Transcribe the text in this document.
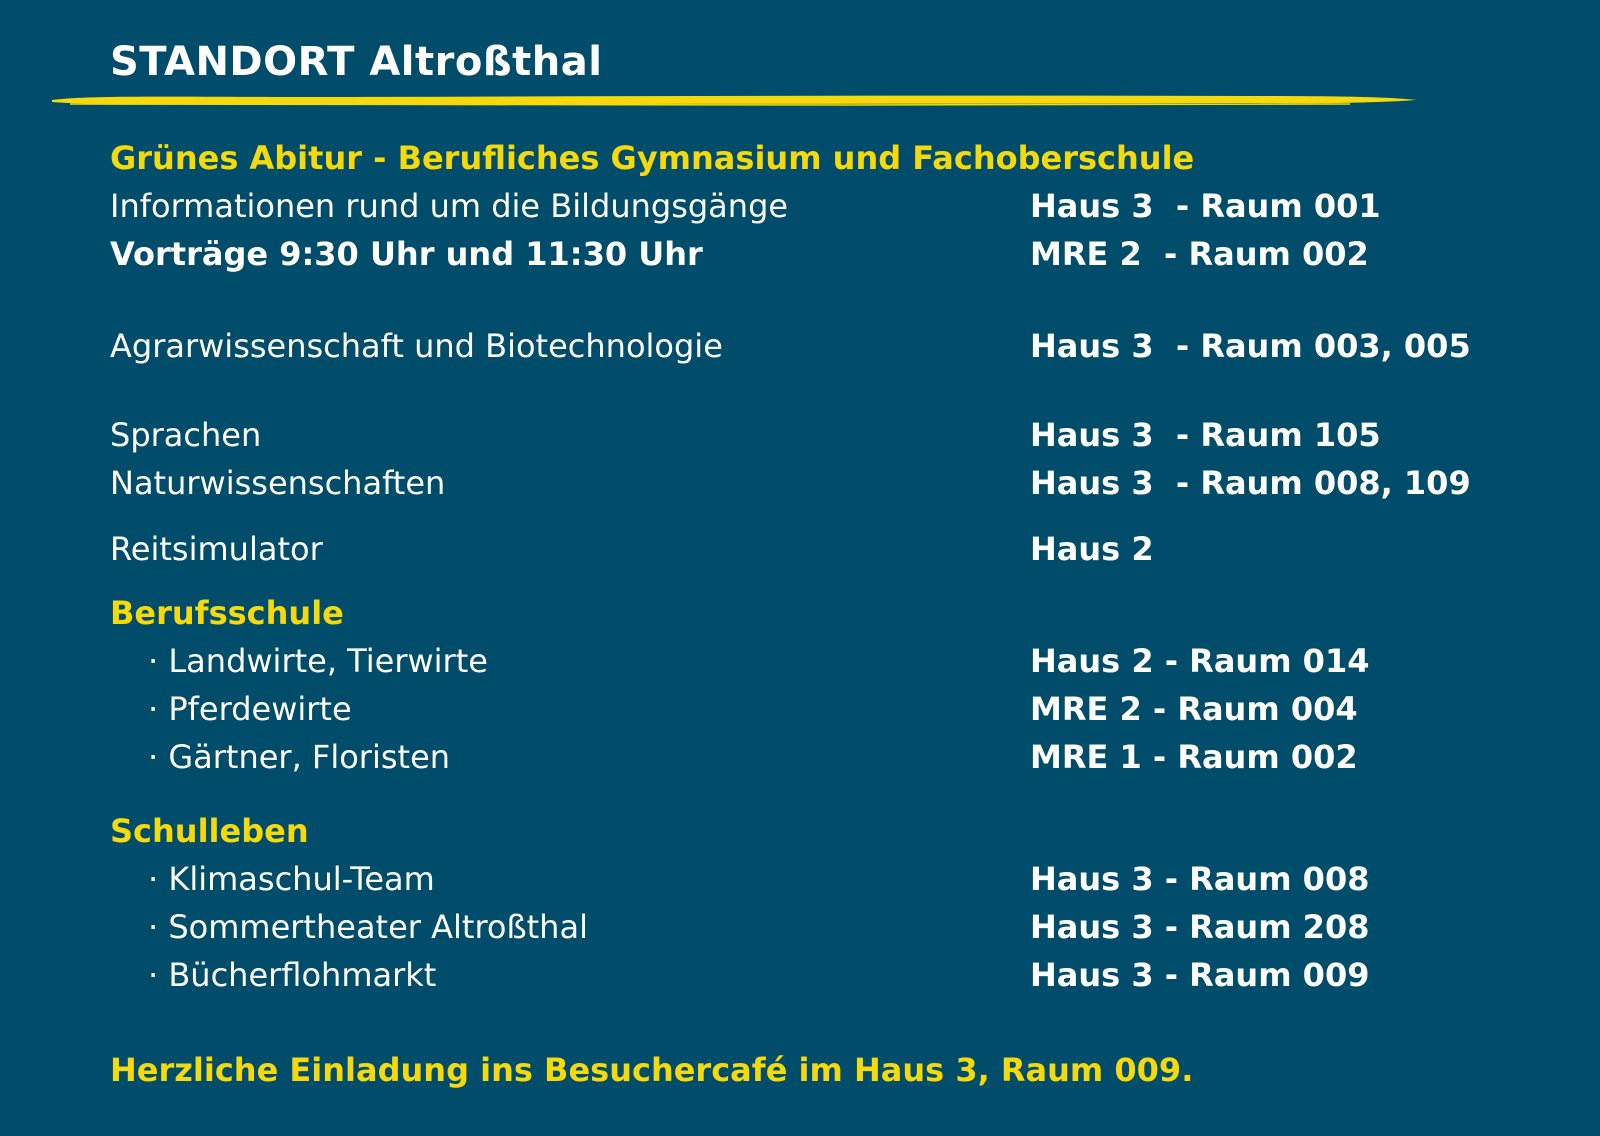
STANDORT Altroßthal
Grünes Abitur - Berufliches Gymnasium und Fachoberschule
Informationen rund um die Bildungsgänge	Haus 3  - Raum 001
Vorträge 9:30 Uhr und 11:30 Uhr	MRE 2  - Raum 002
Agrarwissenschaft und Biotechnologie	Haus 3  - Raum 003, 005
Sprachen	Haus 3  - Raum 105
Naturwissenschaften	Haus 3  - Raum 008, 109
Reitsimulator	Haus 2
Berufsschule
· Landwirte, Tierwirte	Haus 2 - Raum 014
· Pferdewirte	MRE 2 - Raum 004
· Gärtner, Floristen	MRE 1 - Raum 002
Schulleben
· Klimaschul-Team	Haus 3 - Raum 008
· Sommertheater Altroßthal	Haus 3 - Raum 208
· Bücherflohmarkt	Haus 3 - Raum 009
Herzliche Einladung ins Besuchercafé im Haus 3, Raum 009.
